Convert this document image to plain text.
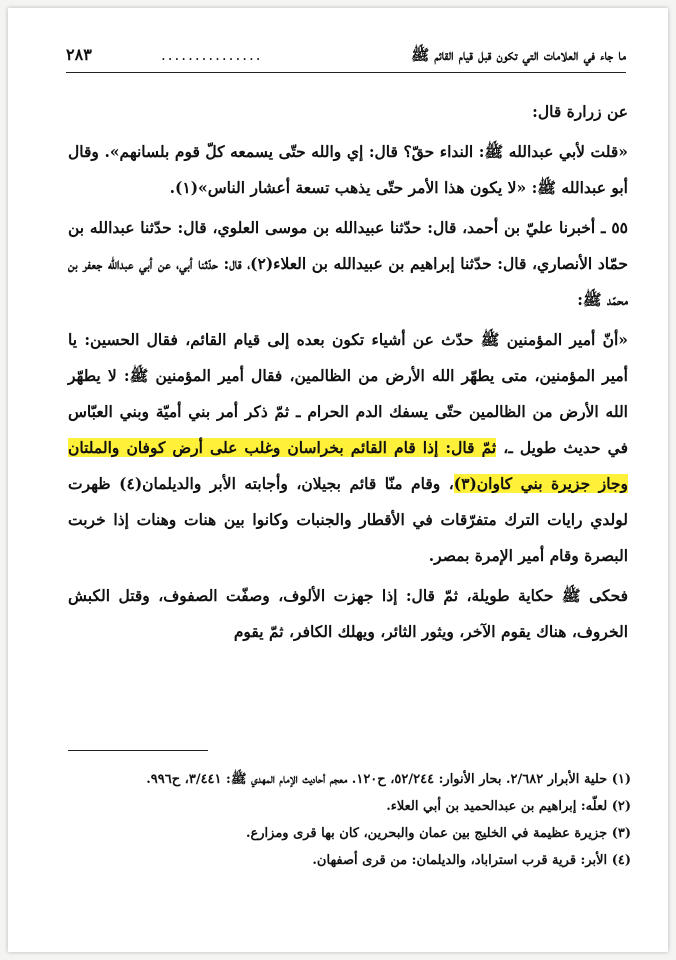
ما جاء في العلامات التي تكون قبل قيام القائم ﷺ
...............
٢٨٣

عن زرارة قال:

«قلت لأبي عبدالله ﷺ: النداء حقّ؟ قال: إي والله حتّى يسمعه كلّ قوم بلسانهم». وقال أبو عبدالله ﷺ: «لا يكون هذا الأمر حتّى يذهب تسعة أعشار الناس»(١).

٥٥ ـ أخبرنا عليّ بن أحمد، قال: حدّثنا عبيدالله بن موسى العلوي، قال: حدّثنا عبدالله بن حمّاد الأنصاري، قال: حدّثنا إبراهيم بن عبيدالله بن العلاء(٢)، قال: حدّثنا أبي، عن أبي عبدالله جعفر بن محمّد ﷺ:

«أنّ أمير المؤمنين ﷺ حدّث عن أشياء تكون بعده إلى قيام القائم، فقال الحسين: يا أمير المؤمنين، متى يطهّر الله الأرض من الظالمين، فقال أمير المؤمنين ﷺ: لا يطهّر الله الأرض من الظالمين حتّى يسفك الدم الحرام ـ ثمّ ذكر أمر بني أميّة وبني العبّاس في حديث طويل ـ، ثمّ قال: إذا قام القائم بخراسان وغلب على أرض كوفان والملتان وجاز جزيرة بني كاوان(٣)، وقام منّا قائم بجيلان، وأجابته الأبر والديلمان(٤) ظهرت لولدي رايات الترك متفرّقات في الأقطار والجنبات وكانوا بين هنات وهنات إذا خربت البصرة وقام أمير الإمرة بمصر.

فحكى ﷺ حكاية طويلة، ثمّ قال: إذا جهزت الألوف، وصفّت الصفوف، وقتل الكبش الخروف، هناك يقوم الآخر، ويثور الثائر، ويهلك الكافر، ثمّ يقوم

(١) حلية الأبرار ٢/٦٨٢. بحار الأنوار: ٥٢/٢٤٤، ح١٢٠. معجم أحاديث الإمام المهدي ﷺ: ٣/٤٤١، ح٩٩٦.

(٢) لعلّه: إبراهيم بن عبدالحميد بن أبي العلاء.

(٣) جزيرة عظيمة في الخليج بين عمان والبحرين، كان بها قرى ومزارع.

(٤) الأبر: قرية قرب استراباد، والديلمان: من قرى أصفهان.
